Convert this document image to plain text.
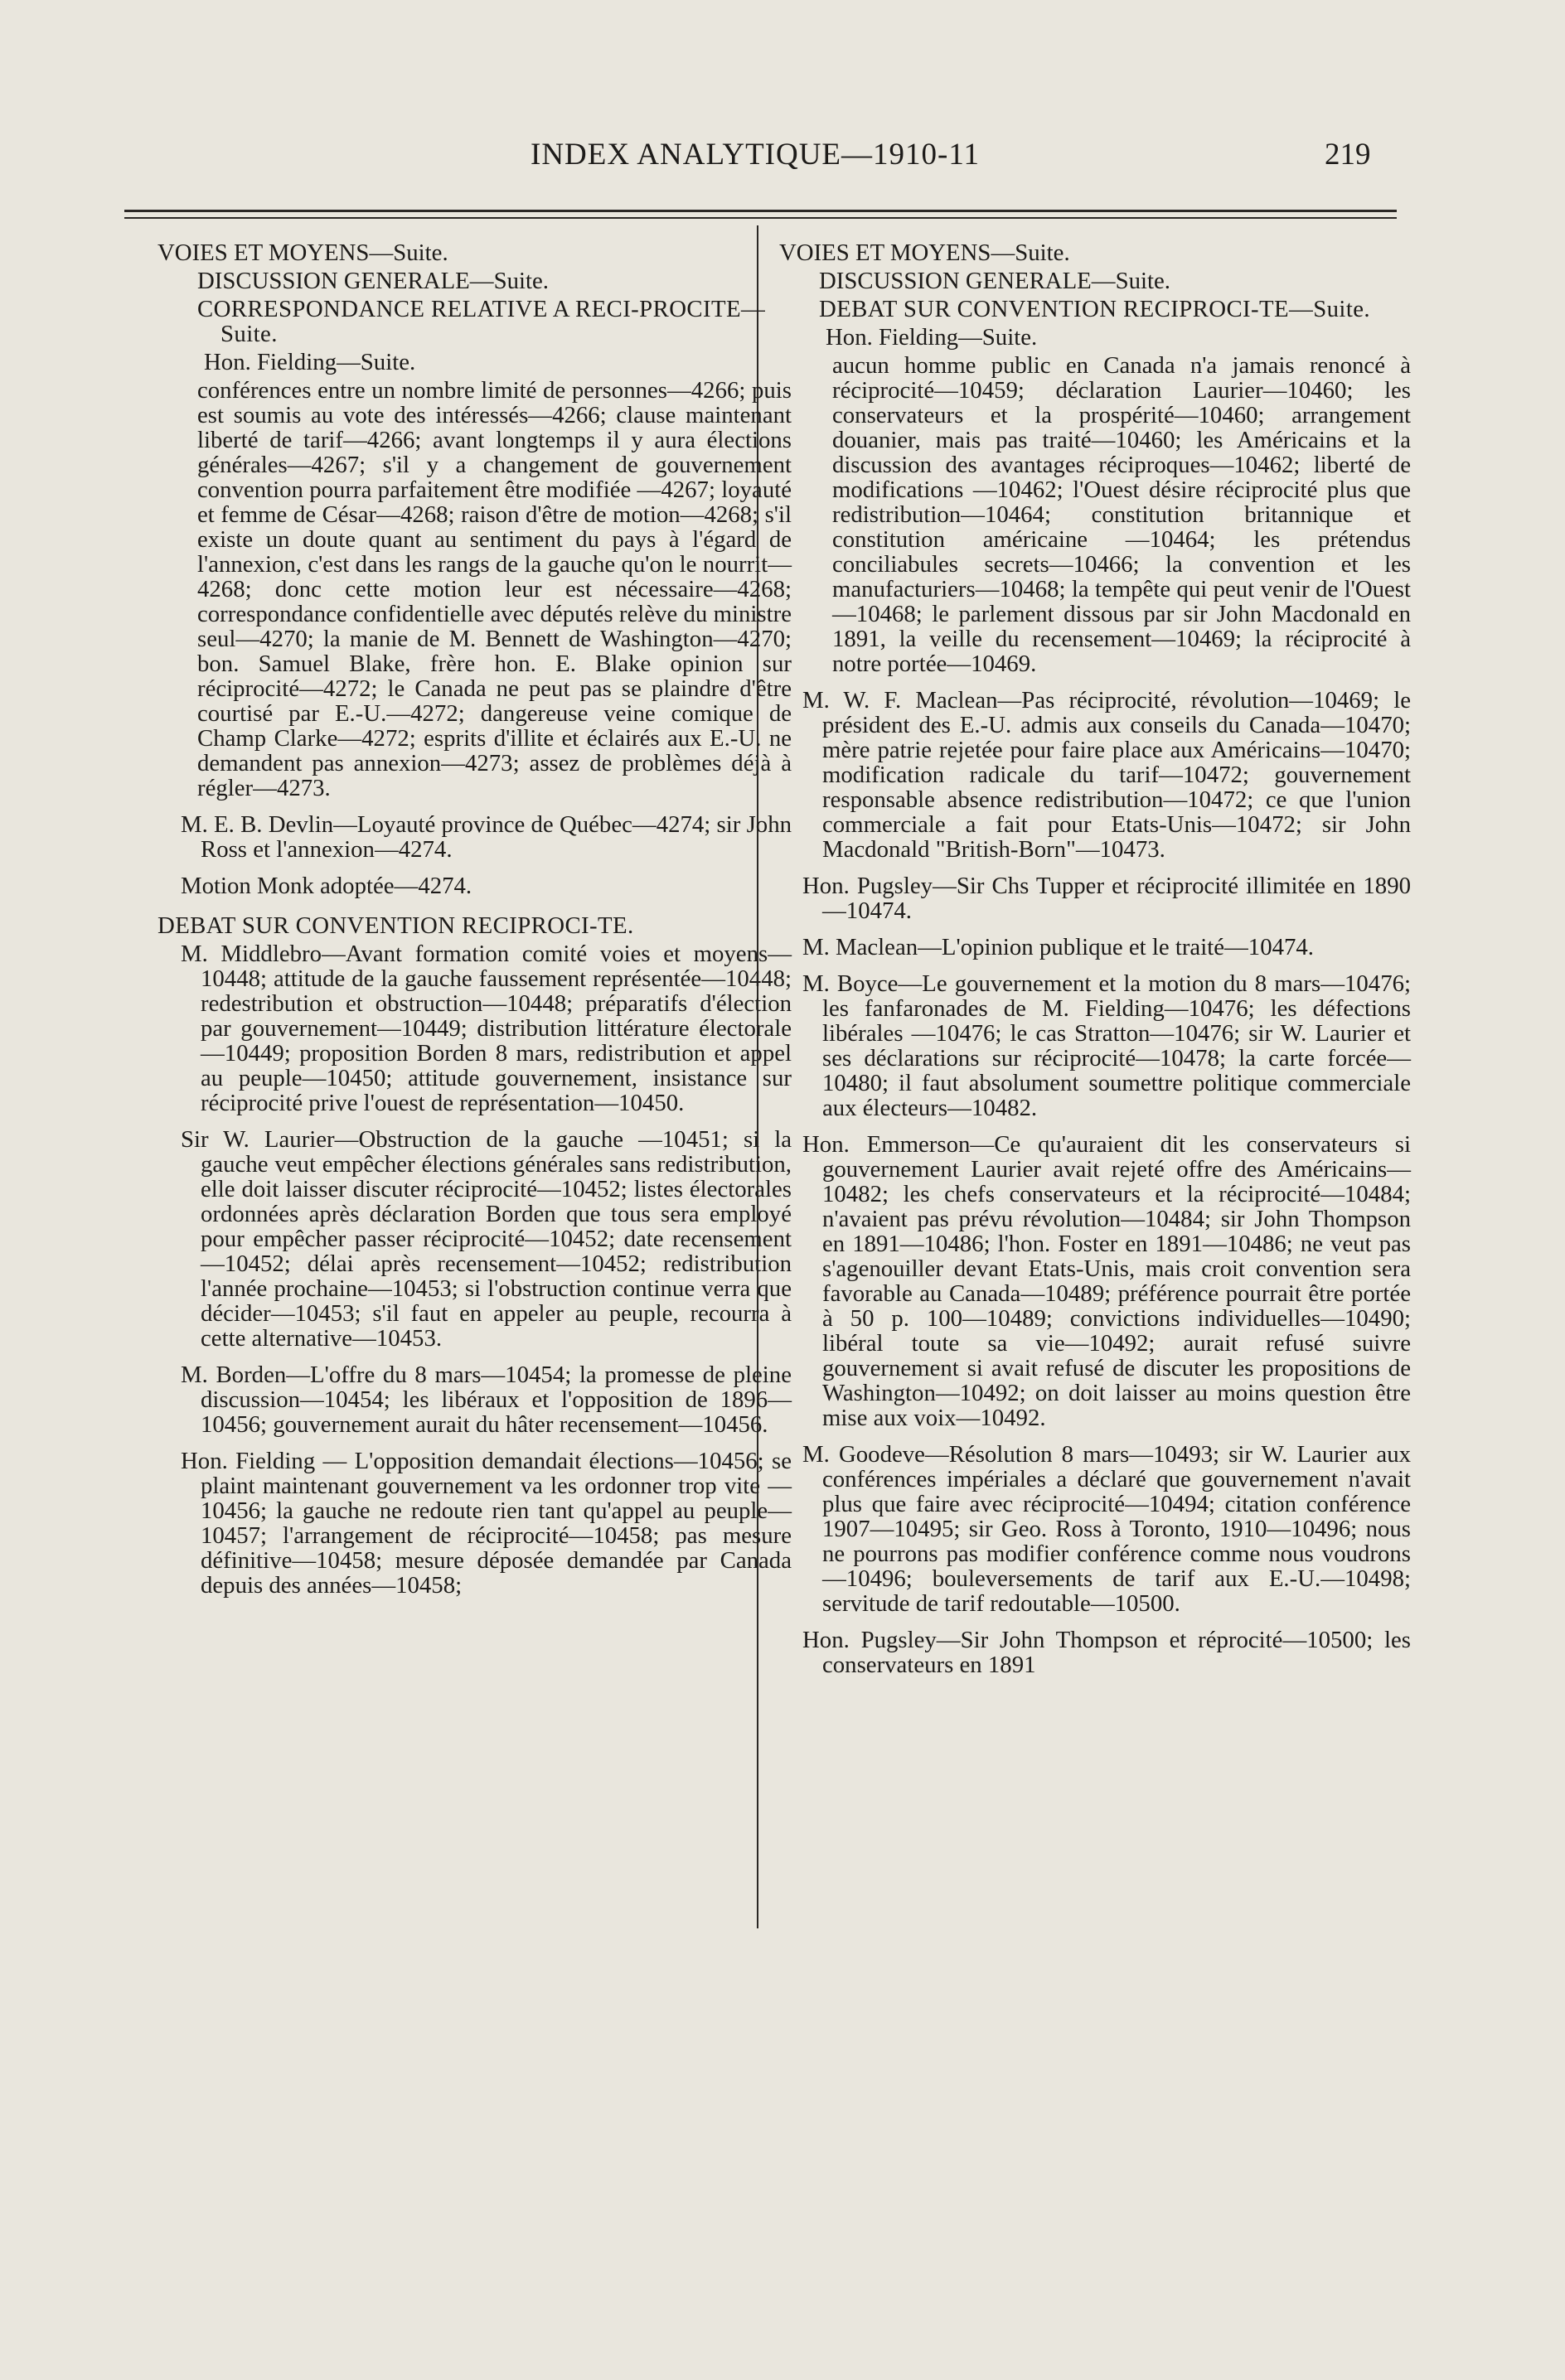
INDEX ANALYTIQUE—1910-11	219

VOIES ET MOYENS—Suite.

DISCUSSION GENERALE—Suite.

CORRESPONDANCE RELATIVE A RECI-PROCITE—Suite.

Hon. Fielding—Suite.

conférences entre un nombre limité de personnes—4266; puis est soumis au vote des intéressés—4266; clause maintenant liberté de tarif—4266; avant longtemps il y aura élections générales—4267; s'il y a changement de gouvernement convention pourra parfaitement être modifiée —4267; loyauté et femme de César—4268; raison d'être de motion—4268; s'il existe un doute quant au sentiment du pays à l'égard de l'annexion, c'est dans les rangs de la gauche qu'on le nourrit—4268; donc cette motion leur est nécessaire—4268; correspondance confidentielle avec députés relève du ministre seul—4270; la manie de M. Bennett de Washington—4270; bon. Samuel Blake, frère hon. E. Blake opinion sur réciprocité—4272; le Canada ne peut pas se plaindre d'être courtisé par E.-U.—4272; dangereuse veine comique de Champ Clarke—4272; esprits d'illite et éclairés aux E.-U. ne demandent pas annexion—4273; assez de problèmes déjà à régler—4273.

M. E. B. Devlin—Loyauté province de Québec—4274; sir John Ross et l'annexion—4274.

Motion Monk adoptée—4274.

DEBAT SUR CONVENTION RECIPROCI-TE.

M. Middlebro—Avant formation comité voies et moyens—10448; attitude de la gauche faussement représentée—10448; redestribution et obstruction—10448; préparatifs d'élection par gouvernement—10449; distribution littérature électorale —10449; proposition Borden 8 mars, redistribution et appel au peuple—10450; attitude gouvernement, insistance sur réciprocité prive l'ouest de représentation—10450.

Sir W. Laurier—Obstruction de la gauche —10451; si la gauche veut empêcher élections générales sans redistribution, elle doit laisser discuter réciprocité—10452; listes électorales ordonnées après déclaration Borden que tous sera employé pour empêcher passer réciprocité—10452; date recensement—10452; délai après recensement—10452; redistribution l'année prochaine—10453; si l'obstruction continue verra que décider—10453; s'il faut en appeler au peuple, recourra à cette alternative—10453.

M. Borden—L'offre du 8 mars—10454; la promesse de pleine discussion—10454; les libéraux et l'opposition de 1896—10456; gouvernement aurait du hâter recensement—10456.

Hon. Fielding — L'opposition demandait élections—10456; se plaint maintenant gouvernement va les ordonner trop vite —10456; la gauche ne redoute rien tant qu'appel au peuple—10457; l'arrangement de réciprocité—10458; pas mesure définitive—10458; mesure déposée demandée par Canada depuis des années—10458;

VOIES ET MOYENS—Suite.

DISCUSSION GENERALE—Suite.

DEBAT SUR CONVENTION RECIPROCI-TE—Suite.

Hon. Fielding—Suite.

aucun homme public en Canada n'a jamais renoncé à réciprocité—10459; déclaration Laurier—10460; les conservateurs et la prospérité—10460; arrangement douanier, mais pas traité—10460; les Américains et la discussion des avantages réciproques—10462; liberté de modifications —10462; l'Ouest désire réciprocité plus que redistribution—10464; constitution britannique et constitution américaine —10464; les prétendus conciliabules secrets—10466; la convention et les manufacturiers—10468; la tempête qui peut venir de l'Ouest—10468; le parlement dissous par sir John Macdonald en 1891, la veille du recensement—10469; la réciprocité à notre portée—10469.

M. W. F. Maclean—Pas réciprocité, révolution—10469; le président des E.-U. admis aux conseils du Canada—10470; mère patrie rejetée pour faire place aux Américains—10470; modification radicale du tarif—10472; gouvernement responsable absence redistribution—10472; ce que l'union commerciale a fait pour Etats-Unis—10472; sir John Macdonald "British-Born"—10473.

Hon. Pugsley—Sir Chs Tupper et réciprocité illimitée en 1890—10474.

M. Maclean—L'opinion publique et le traité—10474.

M. Boyce—Le gouvernement et la motion du 8 mars—10476; les fanfaronades de M. Fielding—10476; les défections libérales —10476; le cas Stratton—10476; sir W. Laurier et ses déclarations sur réciprocité—10478; la carte forcée—10480; il faut absolument soumettre politique commerciale aux électeurs—10482.

Hon. Emmerson—Ce qu'auraient dit les conservateurs si gouvernement Laurier avait rejeté offre des Américains—10482; les chefs conservateurs et la réciprocité—10484; n'avaient pas prévu révolution—10484; sir John Thompson en 1891—10486; l'hon. Foster en 1891—10486; ne veut pas s'agenouiller devant Etats-Unis, mais croit convention sera favorable au Canada—10489; préférence pourrait être portée à 50 p. 100—10489; convictions individuelles—10490; libéral toute sa vie—10492; aurait refusé suivre gouvernement si avait refusé de discuter les propositions de Washington—10492; on doit laisser au moins question être mise aux voix—10492.

M. Goodeve—Résolution 8 mars—10493; sir W. Laurier aux conférences impériales a déclaré que gouvernement n'avait plus que faire avec réciprocité—10494; citation conférence 1907—10495; sir Geo. Ross à Toronto, 1910—10496; nous ne pourrons pas modifier conférence comme nous voudrons—10496; bouleversements de tarif aux E.-U.—10498; servitude de tarif redoutable—10500.

Hon. Pugsley—Sir John Thompson et réprocité—10500; les conservateurs en 1891
